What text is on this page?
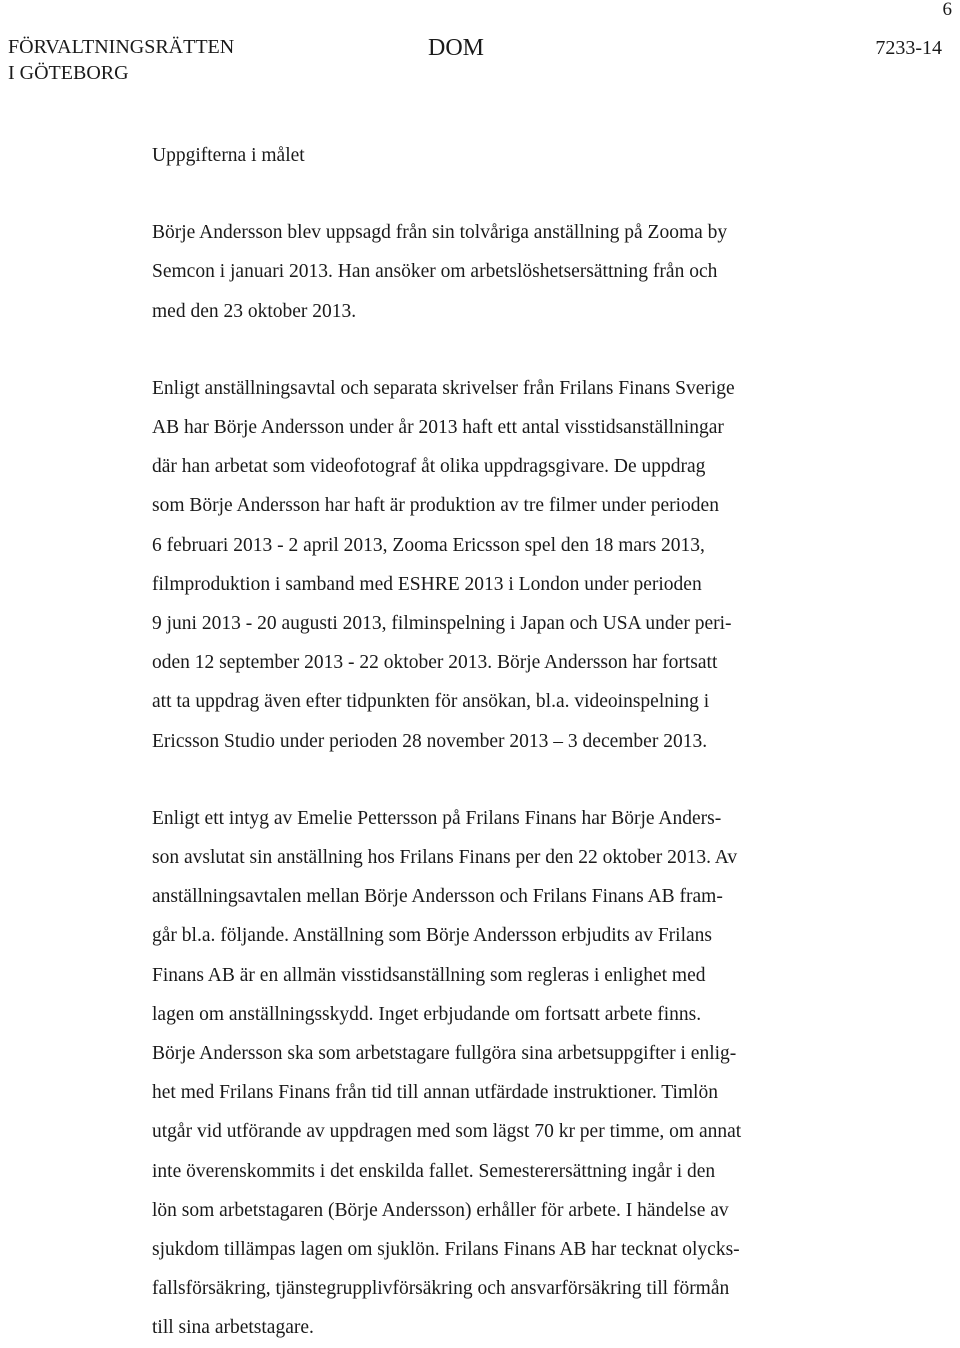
6
FÖRVALTNINGSRÄTTEN
I GÖTEBORG
DOM	7233-14

Uppgifterna i målet

Börje Andersson blev uppsagd från sin tolvåriga anställning på Zooma by
Semcon i januari 2013. Han ansöker om arbetslöshetsersättning från och
med den 23 oktober 2013.

Enligt anställningsavtal och separata skrivelser från Frilans Finans Sverige
AB har Börje Andersson under år 2013 haft ett antal visstidsanställningar
där han arbetat som videofotograf åt olika uppdragsgivare. De uppdrag
som Börje Andersson har haft är produktion av tre filmer under perioden
6 februari 2013 - 2 april 2013, Zooma Ericsson spel den 18 mars 2013,
filmproduktion i samband med ESHRE 2013 i London under perioden
9 juni 2013 - 20 augusti 2013, filminspelning i Japan och USA under peri-
oden 12 september 2013 - 22 oktober 2013. Börje Andersson har fortsatt
att ta uppdrag även efter tidpunkten för ansökan, bl.a. videoinspelning i
Ericsson Studio under perioden 28 november 2013 – 3 december 2013.

Enligt ett intyg av Emelie Pettersson på Frilans Finans har Börje Anders-
son avslutat sin anställning hos Frilans Finans per den 22 oktober 2013. Av
anställningsavtalen mellan Börje Andersson och Frilans Finans AB fram-
går bl.a. följande. Anställning som Börje Andersson erbjudits av Frilans
Finans AB är en allmän visstidsanställning som regleras i enlighet med
lagen om anställningsskydd. Inget erbjudande om fortsatt arbete finns.
Börje Andersson ska som arbetstagare fullgöra sina arbetsuppgifter i enlig-
het med Frilans Finans från tid till annan utfärdade instruktioner. Timlön
utgår vid utförande av uppdragen med som lägst 70 kr per timme, om annat
inte överenskommits i det enskilda fallet. Semesterersättning ingår i den
lön som arbetstagaren (Börje Andersson) erhåller för arbete. I händelse av
sjukdom tillämpas lagen om sjuklön. Frilans Finans AB har tecknat olycks-
fallsförsäkring, tjänstegrupplivförsäkring och ansvarförsäkring till förmån
till sina arbetstagare.
